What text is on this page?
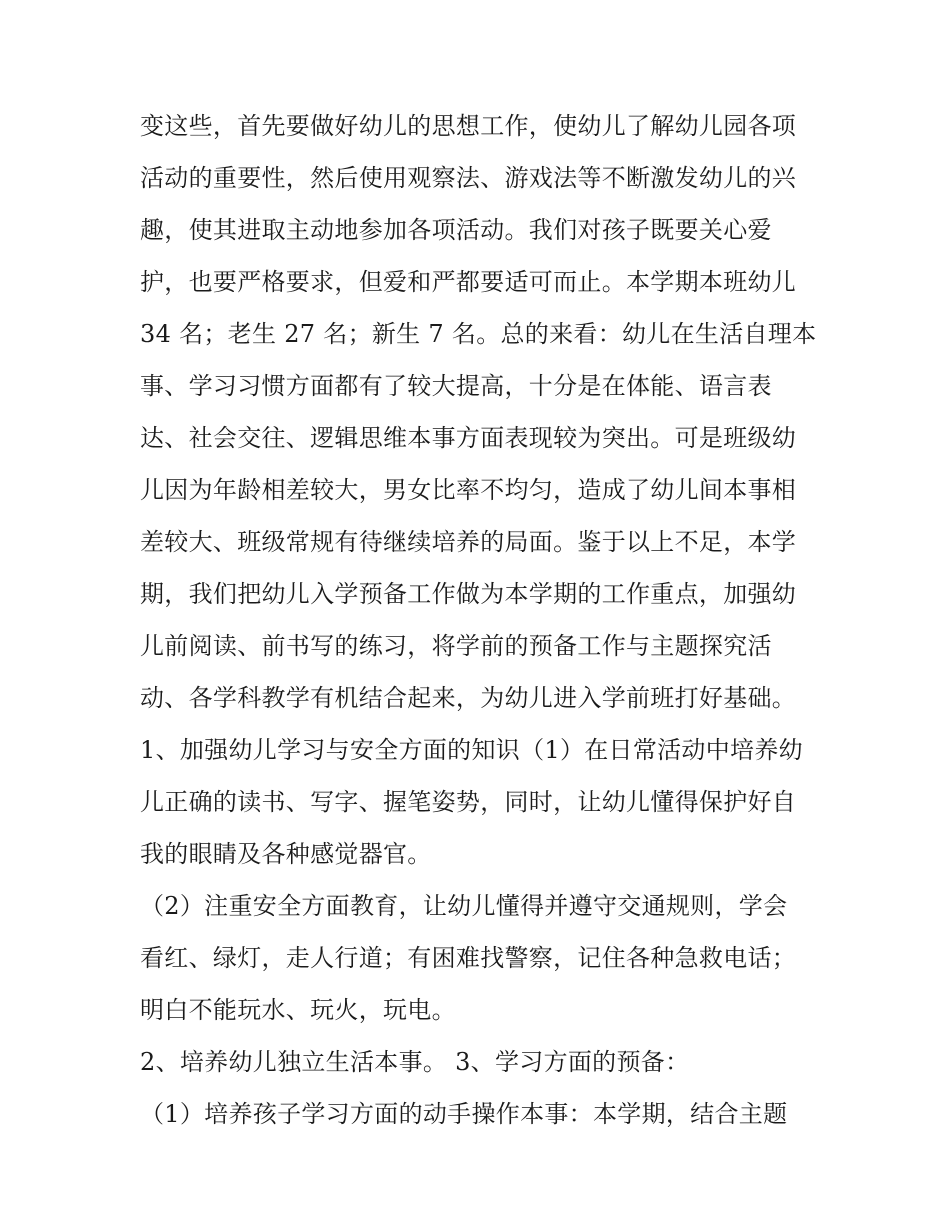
变这些，首先要做好幼儿的思想工作，使幼儿了解幼儿园各项
活动的重要性，然后使用观察法、游戏法等不断激发幼儿的兴
趣，使其进取主动地参加各项活动。我们对孩子既要关心爱
护，也要严格要求，但爱和严都要适可而止。本学期本班幼儿
34 名；老生 27 名；新生 7 名。总的来看：幼儿在生活自理本
事、学习习惯方面都有了较大提高，十分是在体能、语言表
达、社会交往、逻辑思维本事方面表现较为突出。可是班级幼
儿因为年龄相差较大，男女比率不均匀，造成了幼儿间本事相
差较大、班级常规有待继续培养的局面。鉴于以上不足，本学
期，我们把幼儿入学预备工作做为本学期的工作重点，加强幼
儿前阅读、前书写的练习，将学前的预备工作与主题探究活
动、各学科教学有机结合起来，为幼儿进入学前班打好基础。
1、加强幼儿学习与安全方面的知识（1）在日常活动中培养幼
儿正确的读书、写字、握笔姿势，同时，让幼儿懂得保护好自
我的眼睛及各种感觉器官。
（2）注重安全方面教育，让幼儿懂得并遵守交通规则，学会
看红、绿灯，走人行道；有困难找警察，记住各种急救电话；
明白不能玩水、玩火，玩电。
2、培养幼儿独立生活本事。 3、学习方面的预备：
（1）培养孩子学习方面的动手操作本事：本学期，结合主题
